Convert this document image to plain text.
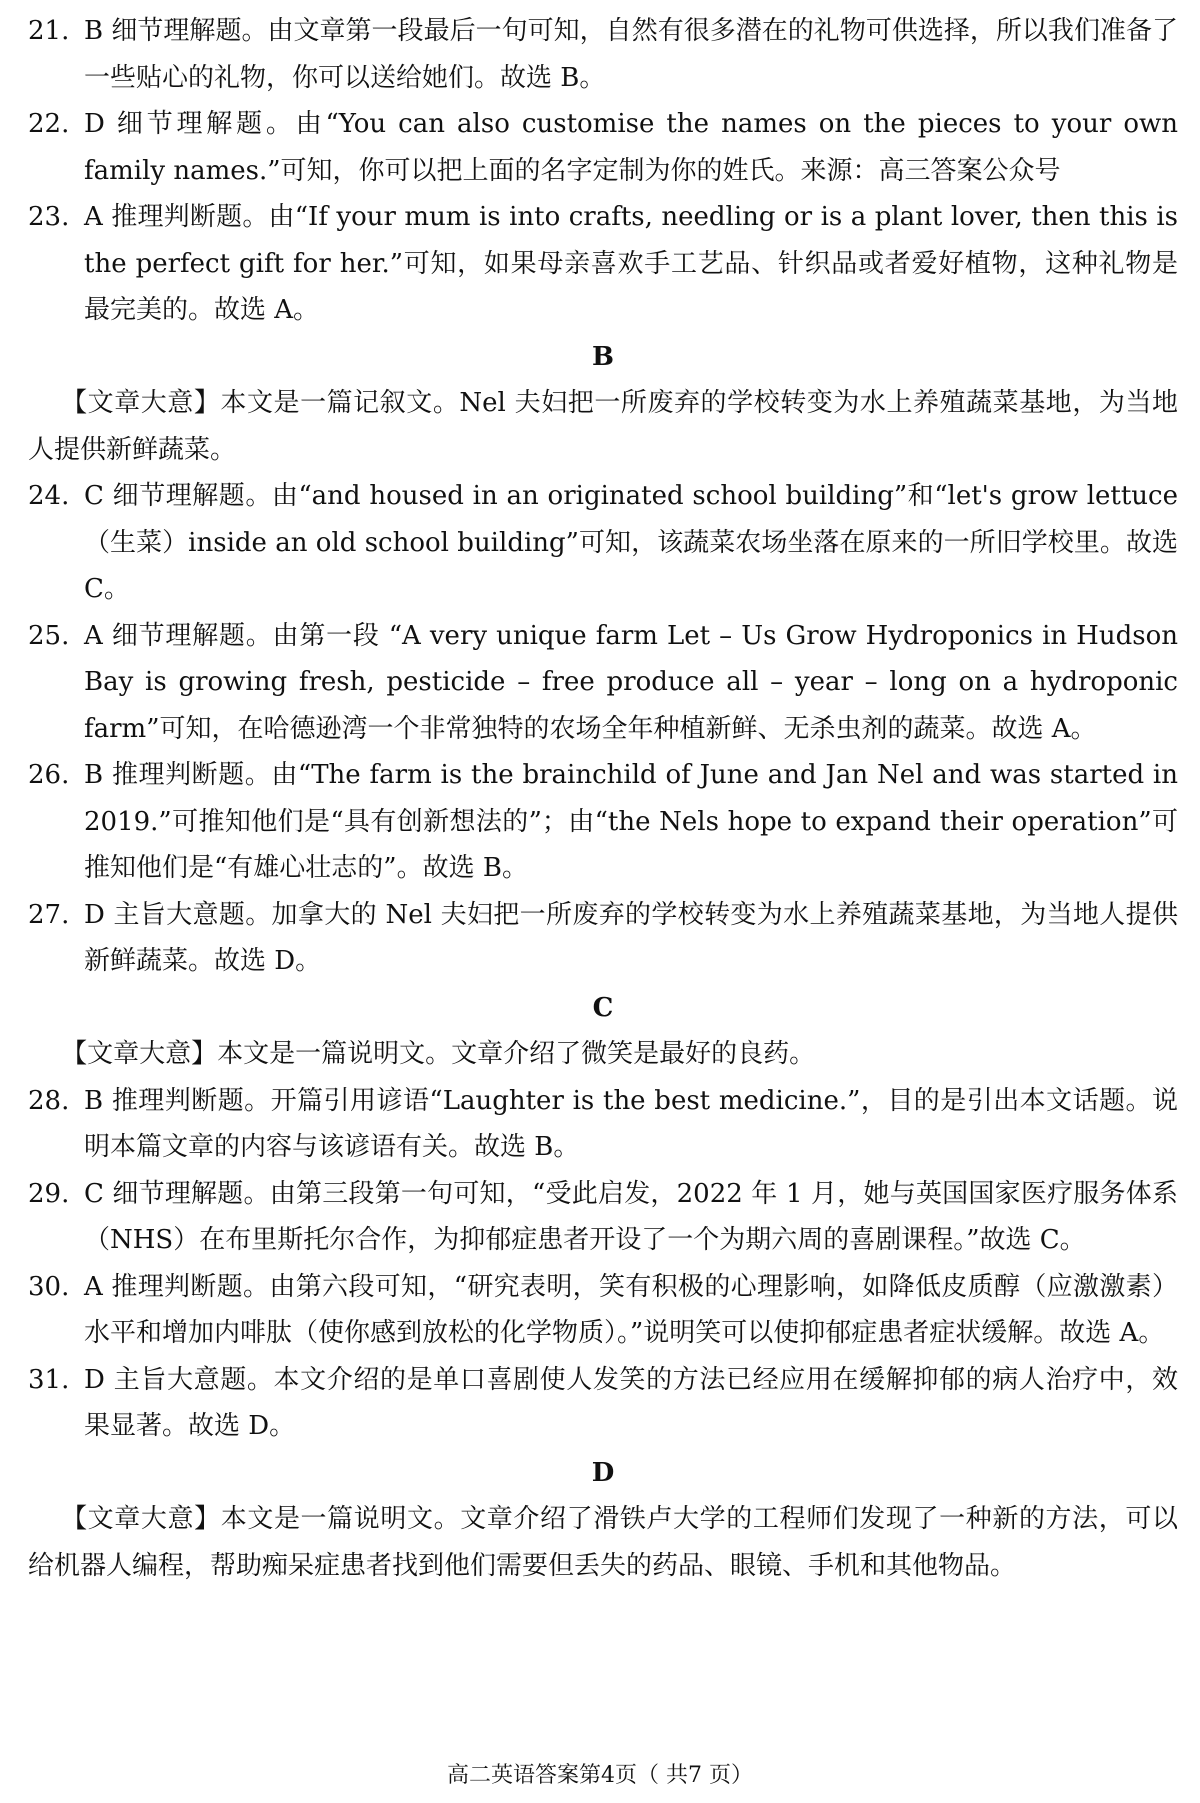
21. B 细节理解题。由文章第一段最后一句可知，自然有很多潜在的礼物可供选择，所以我们准备了一些贴心的礼物，你可以送给她们。故选 B。
22. D 细节理解题。由“You can also customise the names on the pieces to your own family names.”可知，你可以把上面的名字定制为你的姓氏。来源：高三答案公众号
23. A 推理判断题。由“If your mum is into crafts, needling or is a plant lover, then this is the perfect gift for her.”可知，如果母亲喜欢手工艺品、针织品或者爱好植物，这种礼物是最完美的。故选 A。
B
【文章大意】本文是一篇记叙文。Nel 夫妇把一所废弃的学校转变为水上养殖蔬菜基地，为当地人提供新鲜蔬菜。
24. C 细节理解题。由“and housed in an originated school building”和“let's grow lettuce（生菜）inside an old school building”可知，该蔬菜农场坐落在原来的一所旧学校里。故选 C。
25. A 细节理解题。由第一段 “A very unique farm Let – Us Grow Hydroponics in Hudson Bay is growing fresh, pesticide – free produce all – year – long on a hydroponic farm”可知，在哈德逊湾一个非常独特的农场全年种植新鲜、无杀虫剂的蔬菜。故选 A。
26. B 推理判断题。由“The farm is the brainchild of June and Jan Nel and was started in 2019.”可推知他们是“具有创新想法的”；由“the Nels hope to expand their operation”可推知他们是“有雄心壮志的”。故选 B。
27. D 主旨大意题。加拿大的 Nel 夫妇把一所废弃的学校转变为水上养殖蔬菜基地，为当地人提供新鲜蔬菜。故选 D。
C
【文章大意】本文是一篇说明文。文章介绍了微笑是最好的良药。
28. B 推理判断题。开篇引用谚语“Laughter is the best medicine.”，目的是引出本文话题。说明本篇文章的内容与该谚语有关。故选 B。
29. C 细节理解题。由第三段第一句可知，“受此启发，2022 年 1 月，她与英国国家医疗服务体系（NHS）在布里斯托尔合作，为抑郁症患者开设了一个为期六周的喜剧课程。”故选 C。
30. A 推理判断题。由第六段可知，“研究表明，笑有积极的心理影响，如降低皮质醇（应激激素）水平和增加内啡肽（使你感到放松的化学物质）。”说明笑可以使抑郁症患者症状缓解。故选 A。
31. D 主旨大意题。本文介绍的是单口喜剧使人发笑的方法已经应用在缓解抑郁的病人治疗中，效果显著。故选 D。
D
【文章大意】本文是一篇说明文。文章介绍了滑铁卢大学的工程师们发现了一种新的方法，可以给机器人编程，帮助痴呆症患者找到他们需要但丢失的药品、眼镜、手机和其他物品。
高二英语答案第4页（ 共7 页）
